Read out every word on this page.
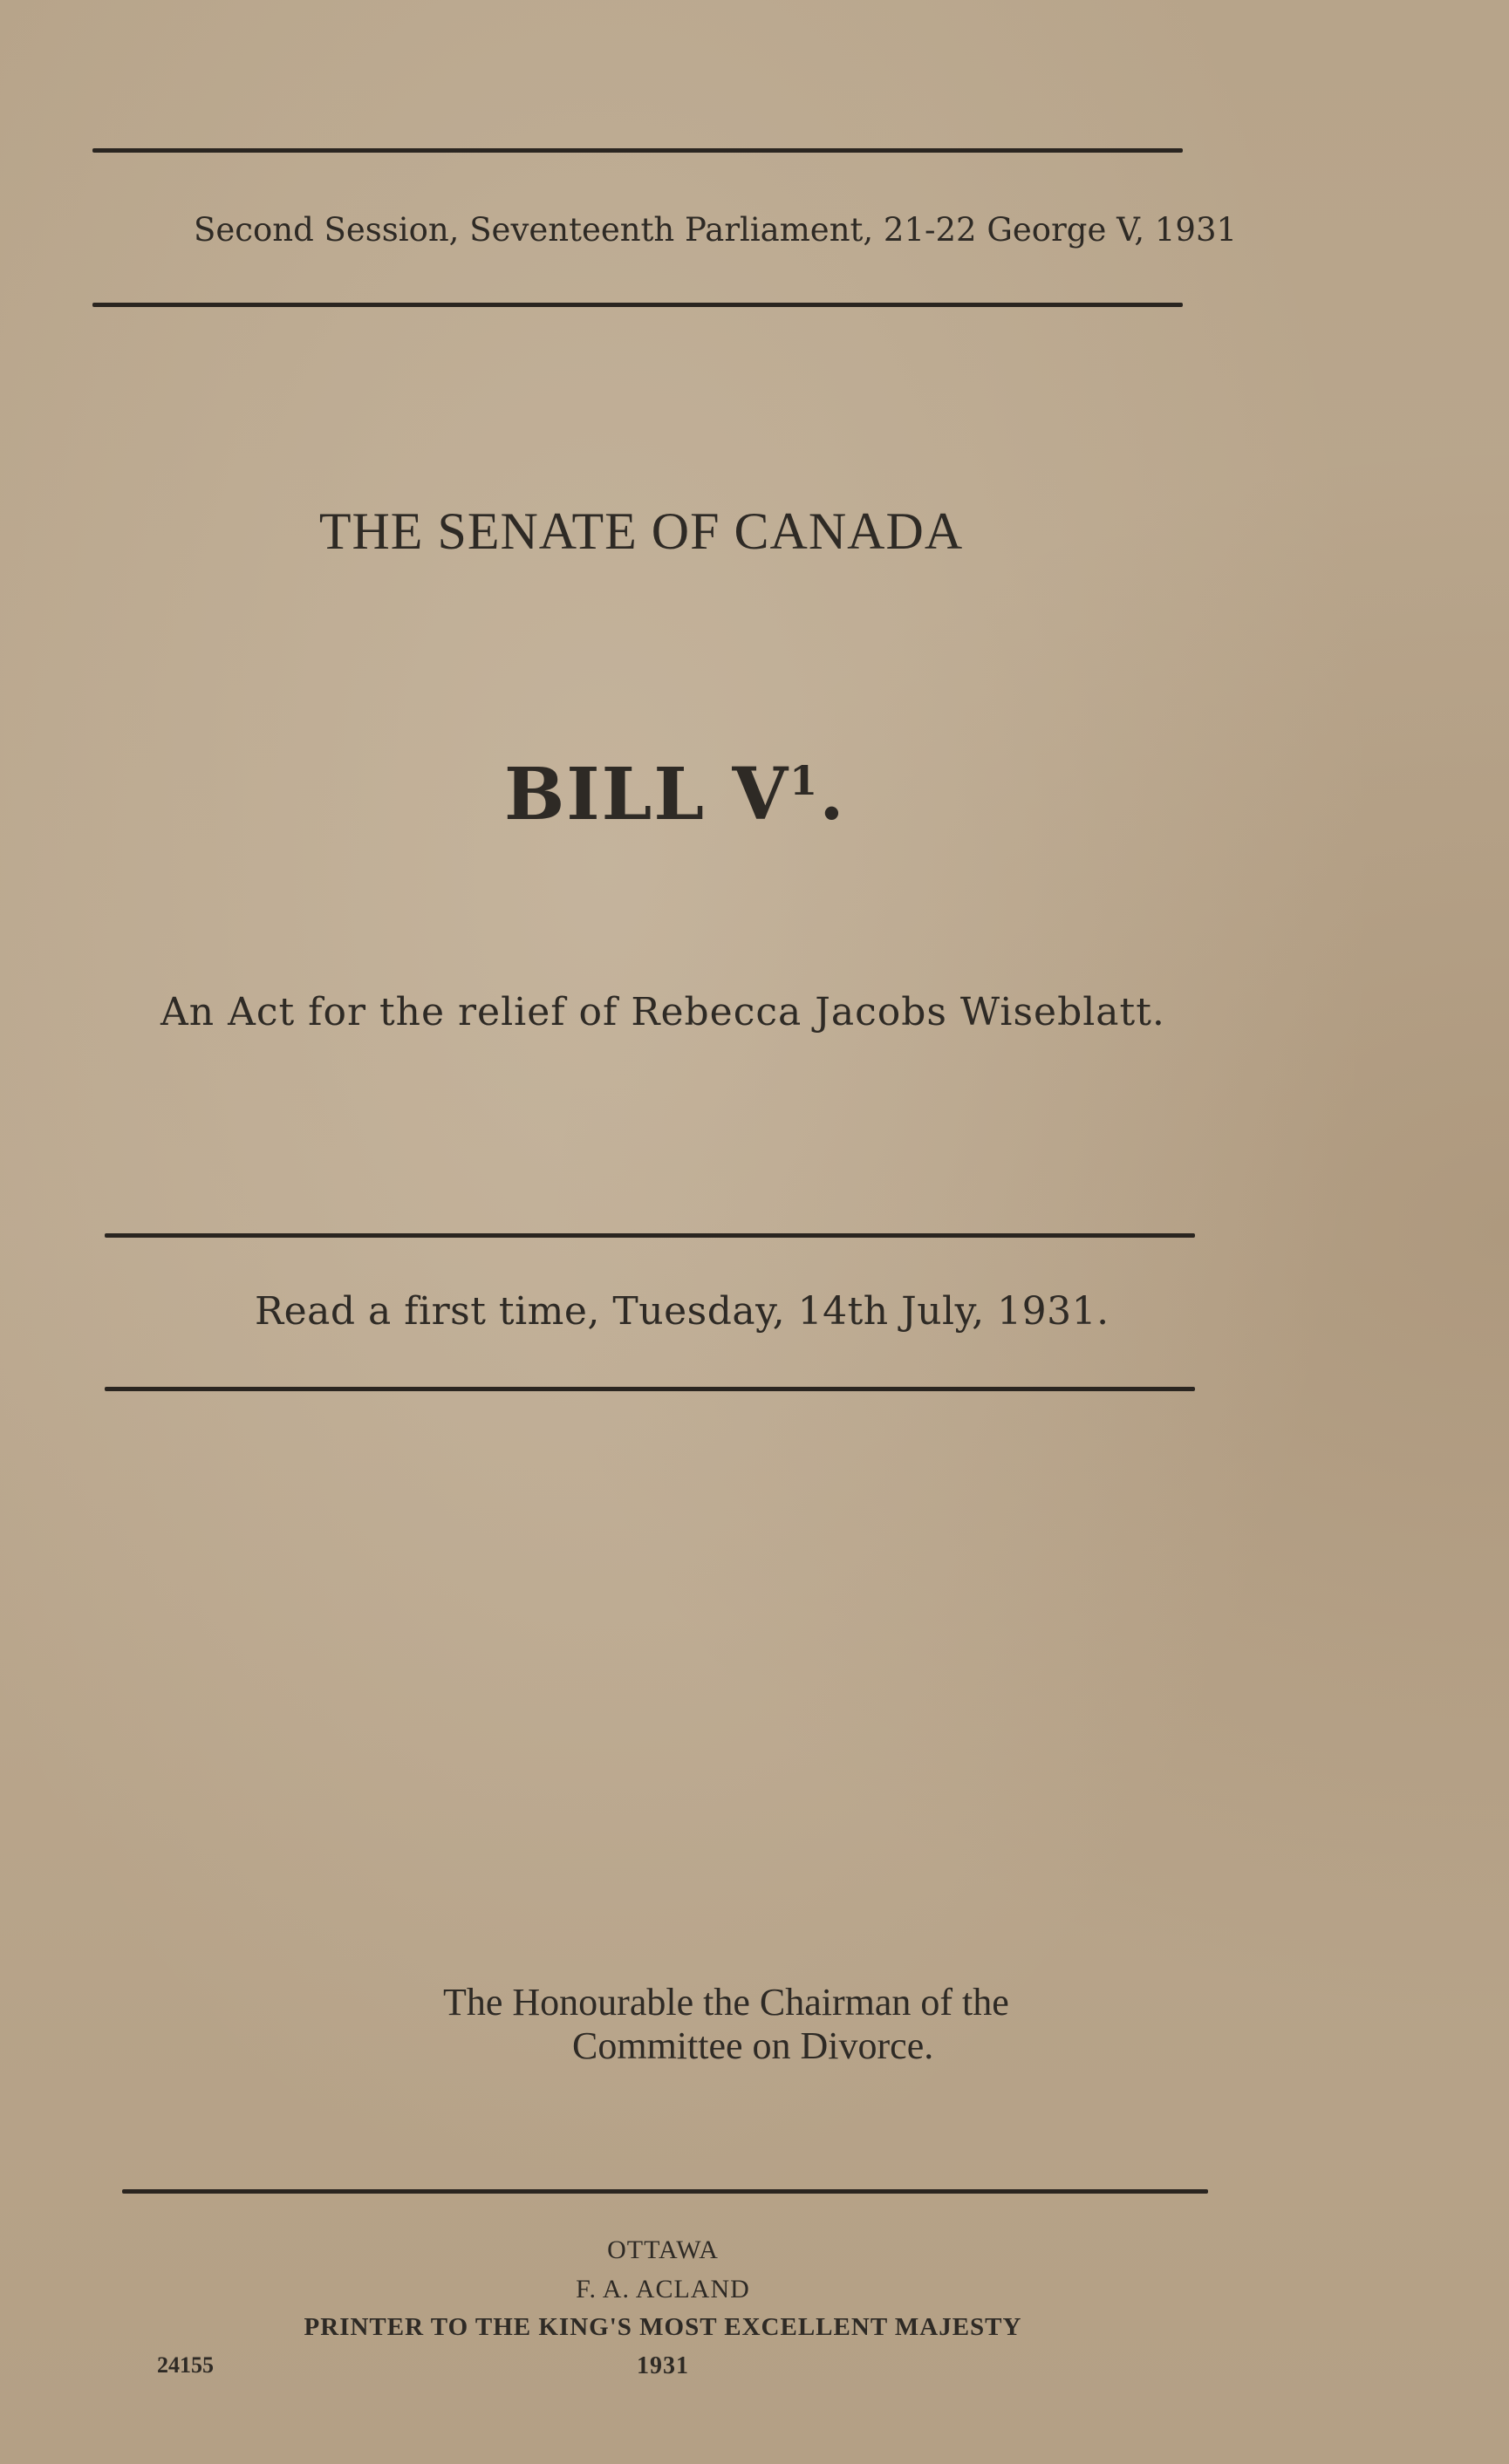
Second Session, Seventeenth Parliament, 21-22 George V, 1931
THE SENATE OF CANADA
BILL $V^1$.
An Act for the relief of Rebecca Jacobs Wiseblatt.
Read a first time, Tuesday, 14th July, 1931.
The Honourable the Chairman of the
Committee on Divorce.
OTTAWA
F. A. ACLAND
PRINTER TO THE KING'S MOST EXCELLENT MAJESTY
1931
24155
